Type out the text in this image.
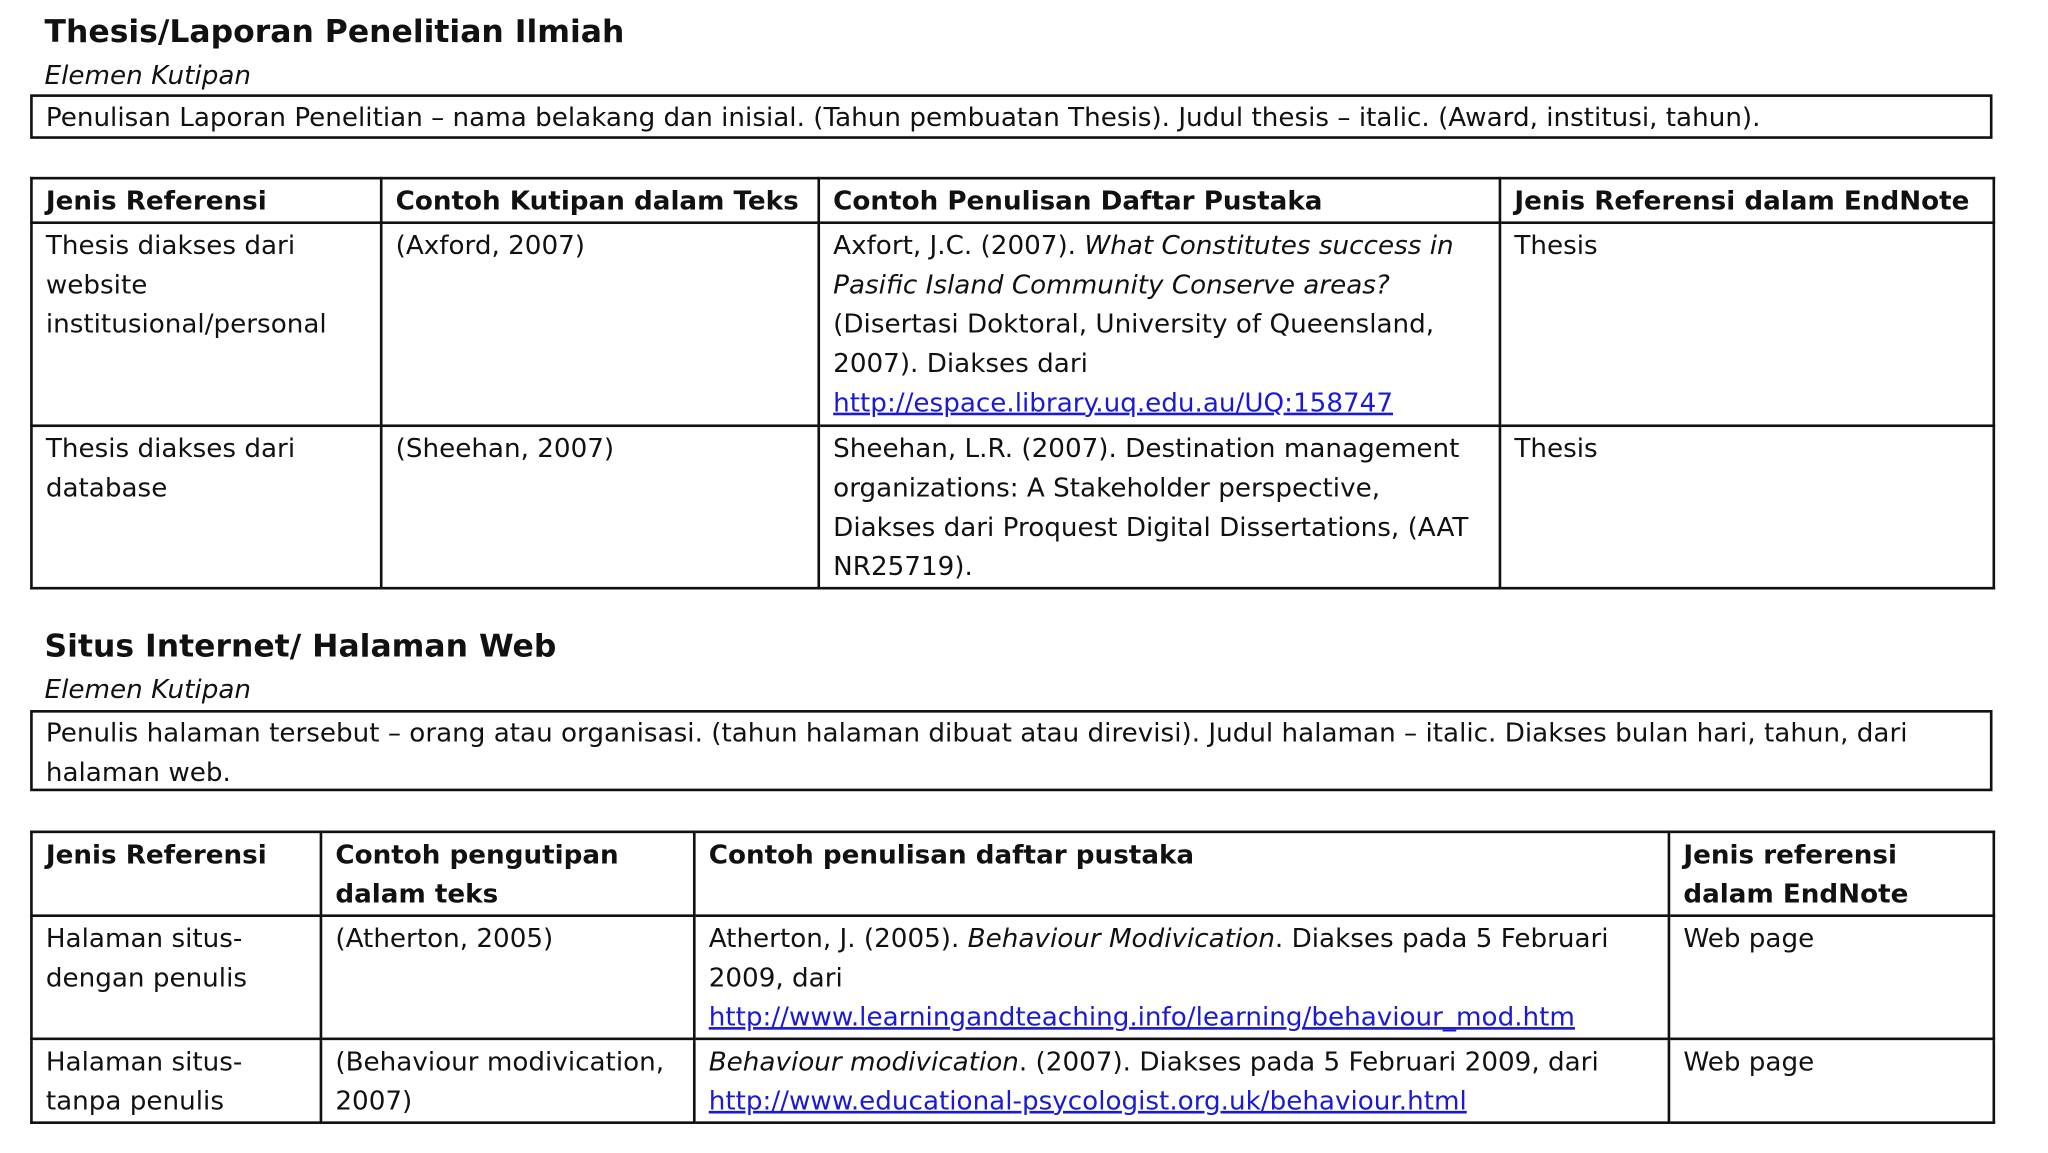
Thesis/Laporan Penelitian Ilmiah
Elemen Kutipan
Penulisan Laporan Penelitian – nama belakang dan inisial. (Tahun pembuatan Thesis). Judul thesis – italic. (Award, institusi, tahun).
Jenis Referensi	Contoh Kutipan dalam Teks	Contoh Penulisan Daftar Pustaka	Jenis Referensi dalam EndNote
Thesis diakses dari website institusional/personal	(Axford, 2007)	Axfort, J.C. (2007). What Constitutes success in Pasific Island Community Conserve areas? (Disertasi Doktoral, University of Queensland, 2007). Diakses dari http://espace.library.uq.edu.au/UQ:158747	Thesis
Thesis diakses dari database	(Sheehan, 2007)	Sheehan, L.R. (2007). Destination management organizations: A Stakeholder perspective, Diakses dari Proquest Digital Dissertations, (AAT NR25719).	Thesis
Situs Internet/ Halaman Web
Elemen Kutipan
Penulis halaman tersebut – orang atau organisasi. (tahun halaman dibuat atau direvisi). Judul halaman – italic. Diakses bulan hari, tahun, dari halaman web.
Jenis Referensi	Contoh pengutipan dalam teks	Contoh penulisan daftar pustaka	Jenis referensi dalam EndNote
Halaman situs-dengan penulis	(Atherton, 2005)	Atherton, J. (2005). Behaviour Modivication. Diakses pada 5 Februari 2009, dari http://www.learningandteaching.info/learning/behaviour_mod.htm	Web page
Halaman situs-tanpa penulis	(Behaviour modivication, 2007)	Behaviour modivication. (2007). Diakses pada 5 Februari 2009, dari http://www.educational-psycologist.org.uk/behaviour.html	Web page
